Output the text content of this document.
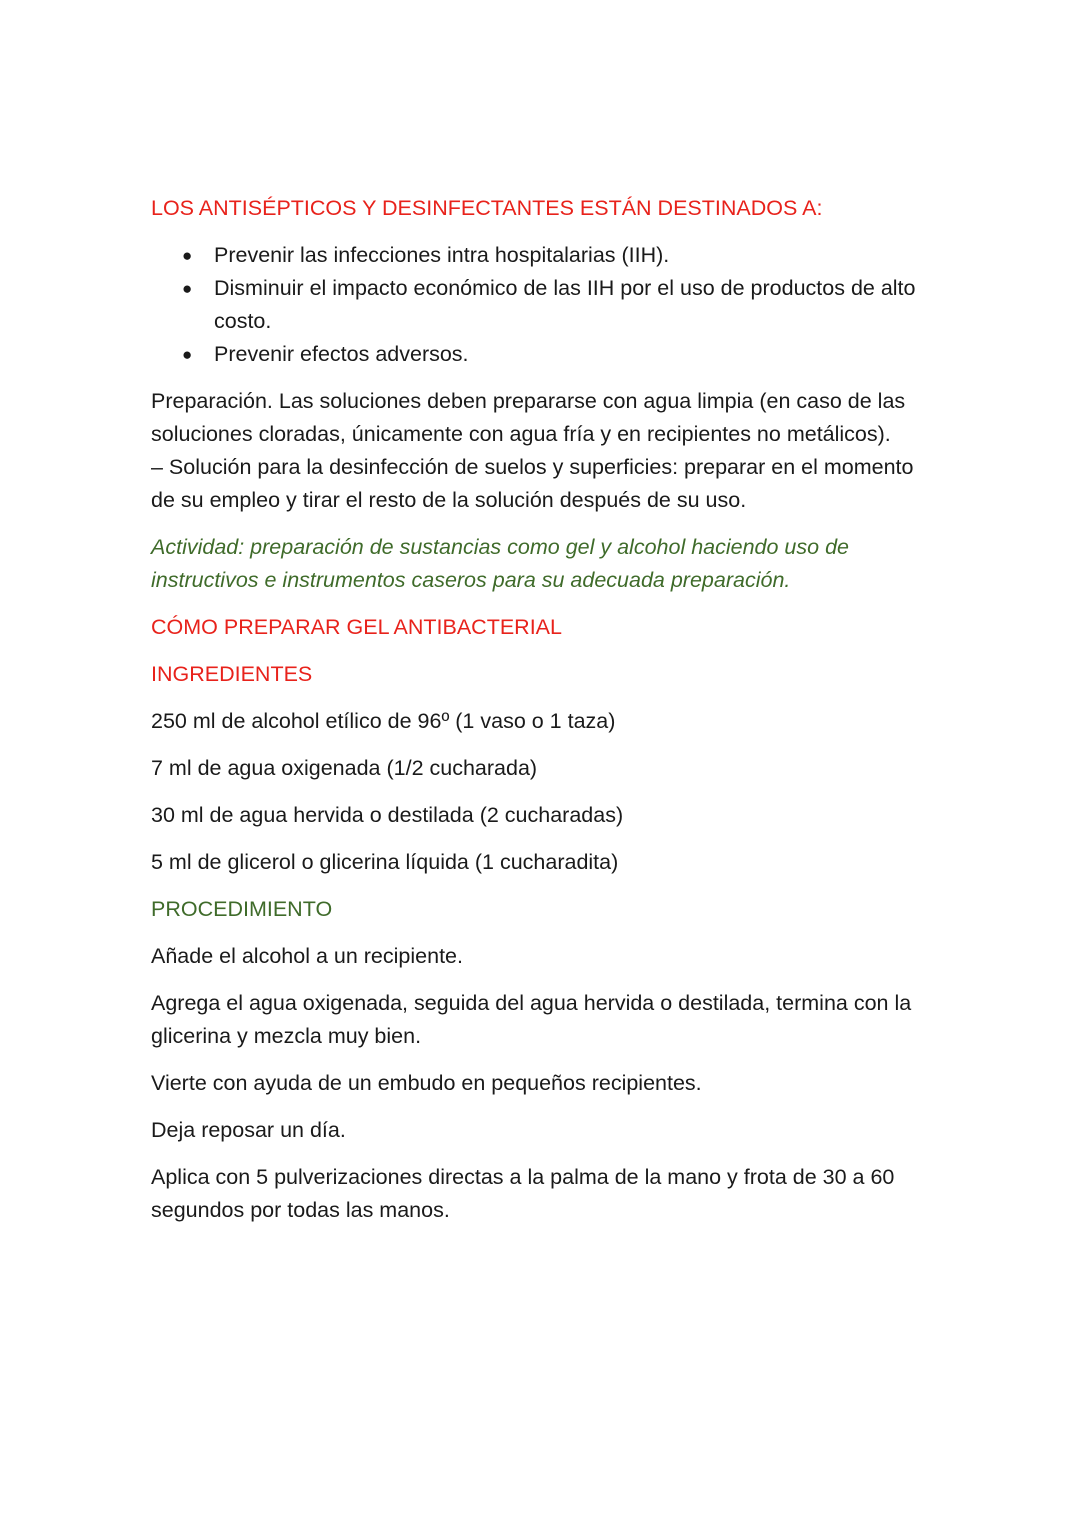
LOS ANTISÉPTICOS Y DESINFECTANTES ESTÁN DESTINADOS A:

● Prevenir las infecciones intra hospitalarias (IIH).
● Disminuir el impacto económico de las IIH por el uso de productos de alto costo.
● Prevenir efectos adversos.

Preparación. Las soluciones deben prepararse con agua limpia (en caso de las soluciones cloradas, únicamente con agua fría y en recipientes no metálicos).
– Solución para la desinfección de suelos y superficies: preparar en el momento de su empleo y tirar el resto de la solución después de su uso.

Actividad: preparación de sustancias como gel y alcohol haciendo uso de instructivos e instrumentos caseros para su adecuada preparación.

CÓMO PREPARAR GEL ANTIBACTERIAL

INGREDIENTES

250 ml de alcohol etílico de 96º (1 vaso o 1 taza)

7 ml de agua oxigenada (1/2 cucharada)

30 ml de agua hervida o destilada (2 cucharadas)

5 ml de glicerol o glicerina líquida (1 cucharadita)

PROCEDIMIENTO

Añade el alcohol a un recipiente.

Agrega el agua oxigenada, seguida del agua hervida o destilada, termina con la glicerina y mezcla muy bien.

Vierte con ayuda de un embudo en pequeños recipientes.

Deja reposar un día.

Aplica con 5 pulverizaciones directas a la palma de la mano y frota de 30 a 60 segundos por todas las manos.
